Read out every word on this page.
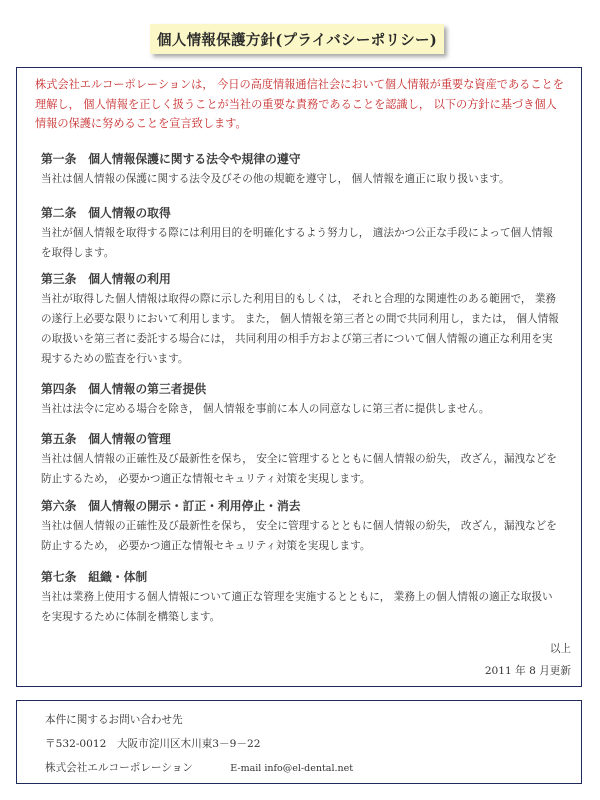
個人情報保護方針(プライバシーポリシー)
株式会社エルコーポレーションは， 今日の高度情報通信社会において個人情報が重要な資産であることを理解し， 個人情報を正しく扱うことが当社の重要な責務であることを認識し， 以下の方針に基づき個人情報の保護に努めることを宣言致します。
第一条　個人情報保護に関する法令や規律の遵守
当社は個人情報の保護に関する法令及びその他の規範を遵守し， 個人情報を適正に取り扱います。
第二条　個人情報の取得
当社が個人情報を取得する際には利用目的を明確化するよう努力し， 適法かつ公正な手段によって個人情報を取得します。
第三条　個人情報の利用
当社が取得した個人情報は取得の際に示した利用目的もしくは， それと合理的な関連性のある範囲で， 業務の遂行上必要な限りにおいて利用します。 また， 個人情報を第三者との間で共同利用し，または， 個人情報の取扱いを第三者に委託する場合には， 共同利用の相手方および第三者について個人情報の適正な利用を実現するための監査を行います。
第四条　個人情報の第三者提供
当社は法令に定める場合を除き， 個人情報を事前に本人の同意なしに第三者に提供しません。
第五条　個人情報の管理
当社は個人情報の正確性及び最新性を保ち， 安全に管理するとともに個人情報の紛失， 改ざん，漏洩などを防止するため， 必要かつ適正な情報セキュリティ対策を実現します。
第六条　個人情報の開示・訂正・利用停止・消去
当社は個人情報の正確性及び最新性を保ち， 安全に管理するとともに個人情報の紛失， 改ざん，漏洩などを防止するため， 必要かつ適正な情報セキュリティ対策を実現します。
第七条　組織・体制
当社は業務上使用する個人情報について適正な管理を実施するとともに， 業務上の個人情報の適正な取扱いを実現するために体制を構築します。
以上
2011 年 8 月更新
本件に関するお問い合わせ先
〒532-0012　大阪市淀川区木川東3－9－22
株式会社エルコーポレーション	E-mail info@el-dental.net
